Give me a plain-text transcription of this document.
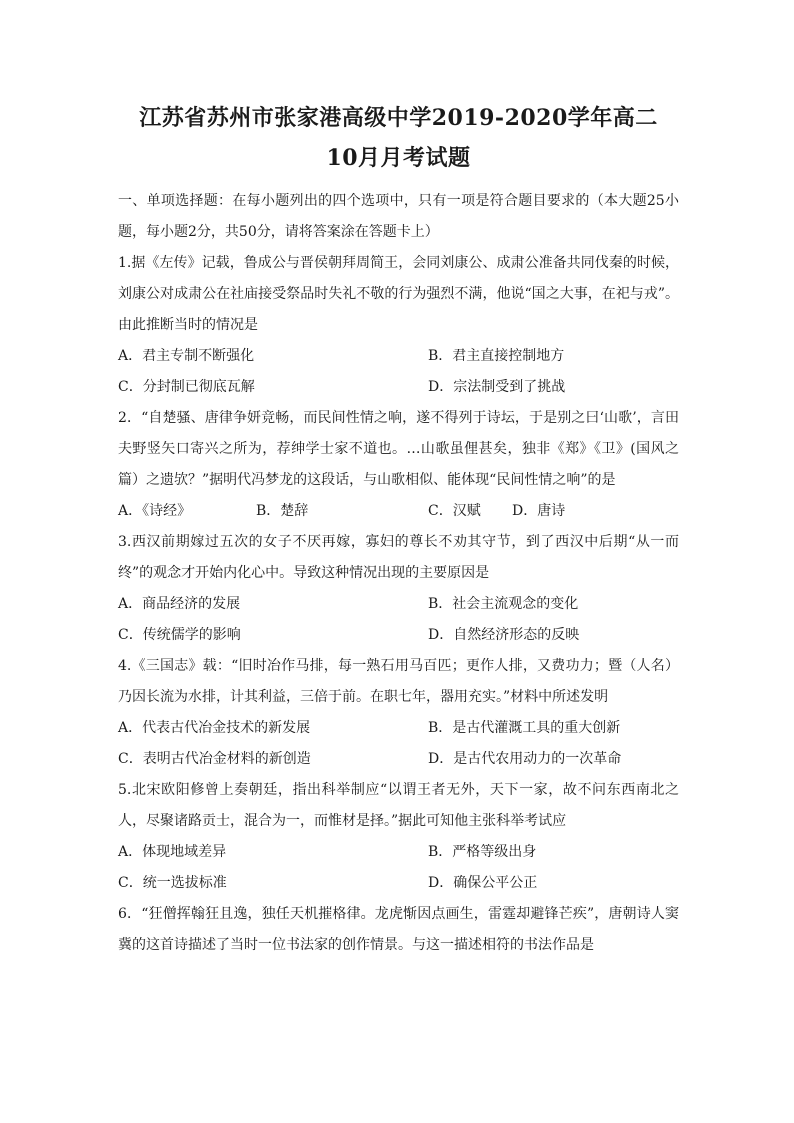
江苏省苏州市张家港高级中学2019-2020学年高二
10月月考试题

一、单项选择题：在每小题列出的四个选项中，只有一项是符合题目要求的（本大题25小题，每小题2分，共50分，请将答案涂在答题卡上）

1.据《左传》记载，鲁成公与晋侯朝拜周简王，会同刘康公、成肃公准备共同伐秦的时候，刘康公对成肃公在社庙接受祭品时失礼不敬的行为强烈不满，他说“国之大事，在祀与戎”。由此推断当时的情况是

A．君主专制不断强化	B．君主直接控制地方
C．分封制已彻底瓦解	D．宗法制受到了挑战

2．“自楚骚、唐律争妍竞畅，而民间性情之响，遂不得列于诗坛，于是别之曰‘山歌’，言田夫野竖矢口寄兴之所为，荐绅学士家不道也。…山歌虽俚甚矣，独非《郑》《卫》(国风之篇）之遗欤？”据明代冯梦龙的这段话，与山歌相似、能体现“民间性情之响”的是

A．《诗经》	B．楚辞	C．汉赋	D．唐诗

3.西汉前期嫁过五次的女子不厌再嫁，寡妇的尊长不劝其守节，到了西汉中后期“从一而终”的观念才开始内化心中。导致这种情况出现的主要原因是

A．商品经济的发展	B．社会主流观念的变化
C．传统儒学的影响	D．自然经济形态的反映

4.《三国志》载：“旧时冶作马排，每一熟石用马百匹；更作人排，又费功力；暨（人名）乃因长流为水排，计其利益，三倍于前。在职七年，器用充实。”材料中所述发明

A．代表古代冶金技术的新发展	B．是古代灌溉工具的重大创新
C．表明古代冶金材料的新创造	D．是古代农用动力的一次革命

5.北宋欧阳修曾上奏朝廷，指出科举制应“以谓王者无外，天下一家，故不问东西南北之人，尽聚诸路贡士，混合为一，而惟材是择。”据此可知他主张科举考试应

A．体现地域差异	B．严格等级出身
C．统一选拔标准	D．确保公平公正

6．“狂僧挥翰狂且逸，独任天机摧格律。龙虎惭因点画生，雷霆却避锋芒疾”，唐朝诗人窦冀的这首诗描述了当时一位书法家的创作情景。与这一描述相符的书法作品是
